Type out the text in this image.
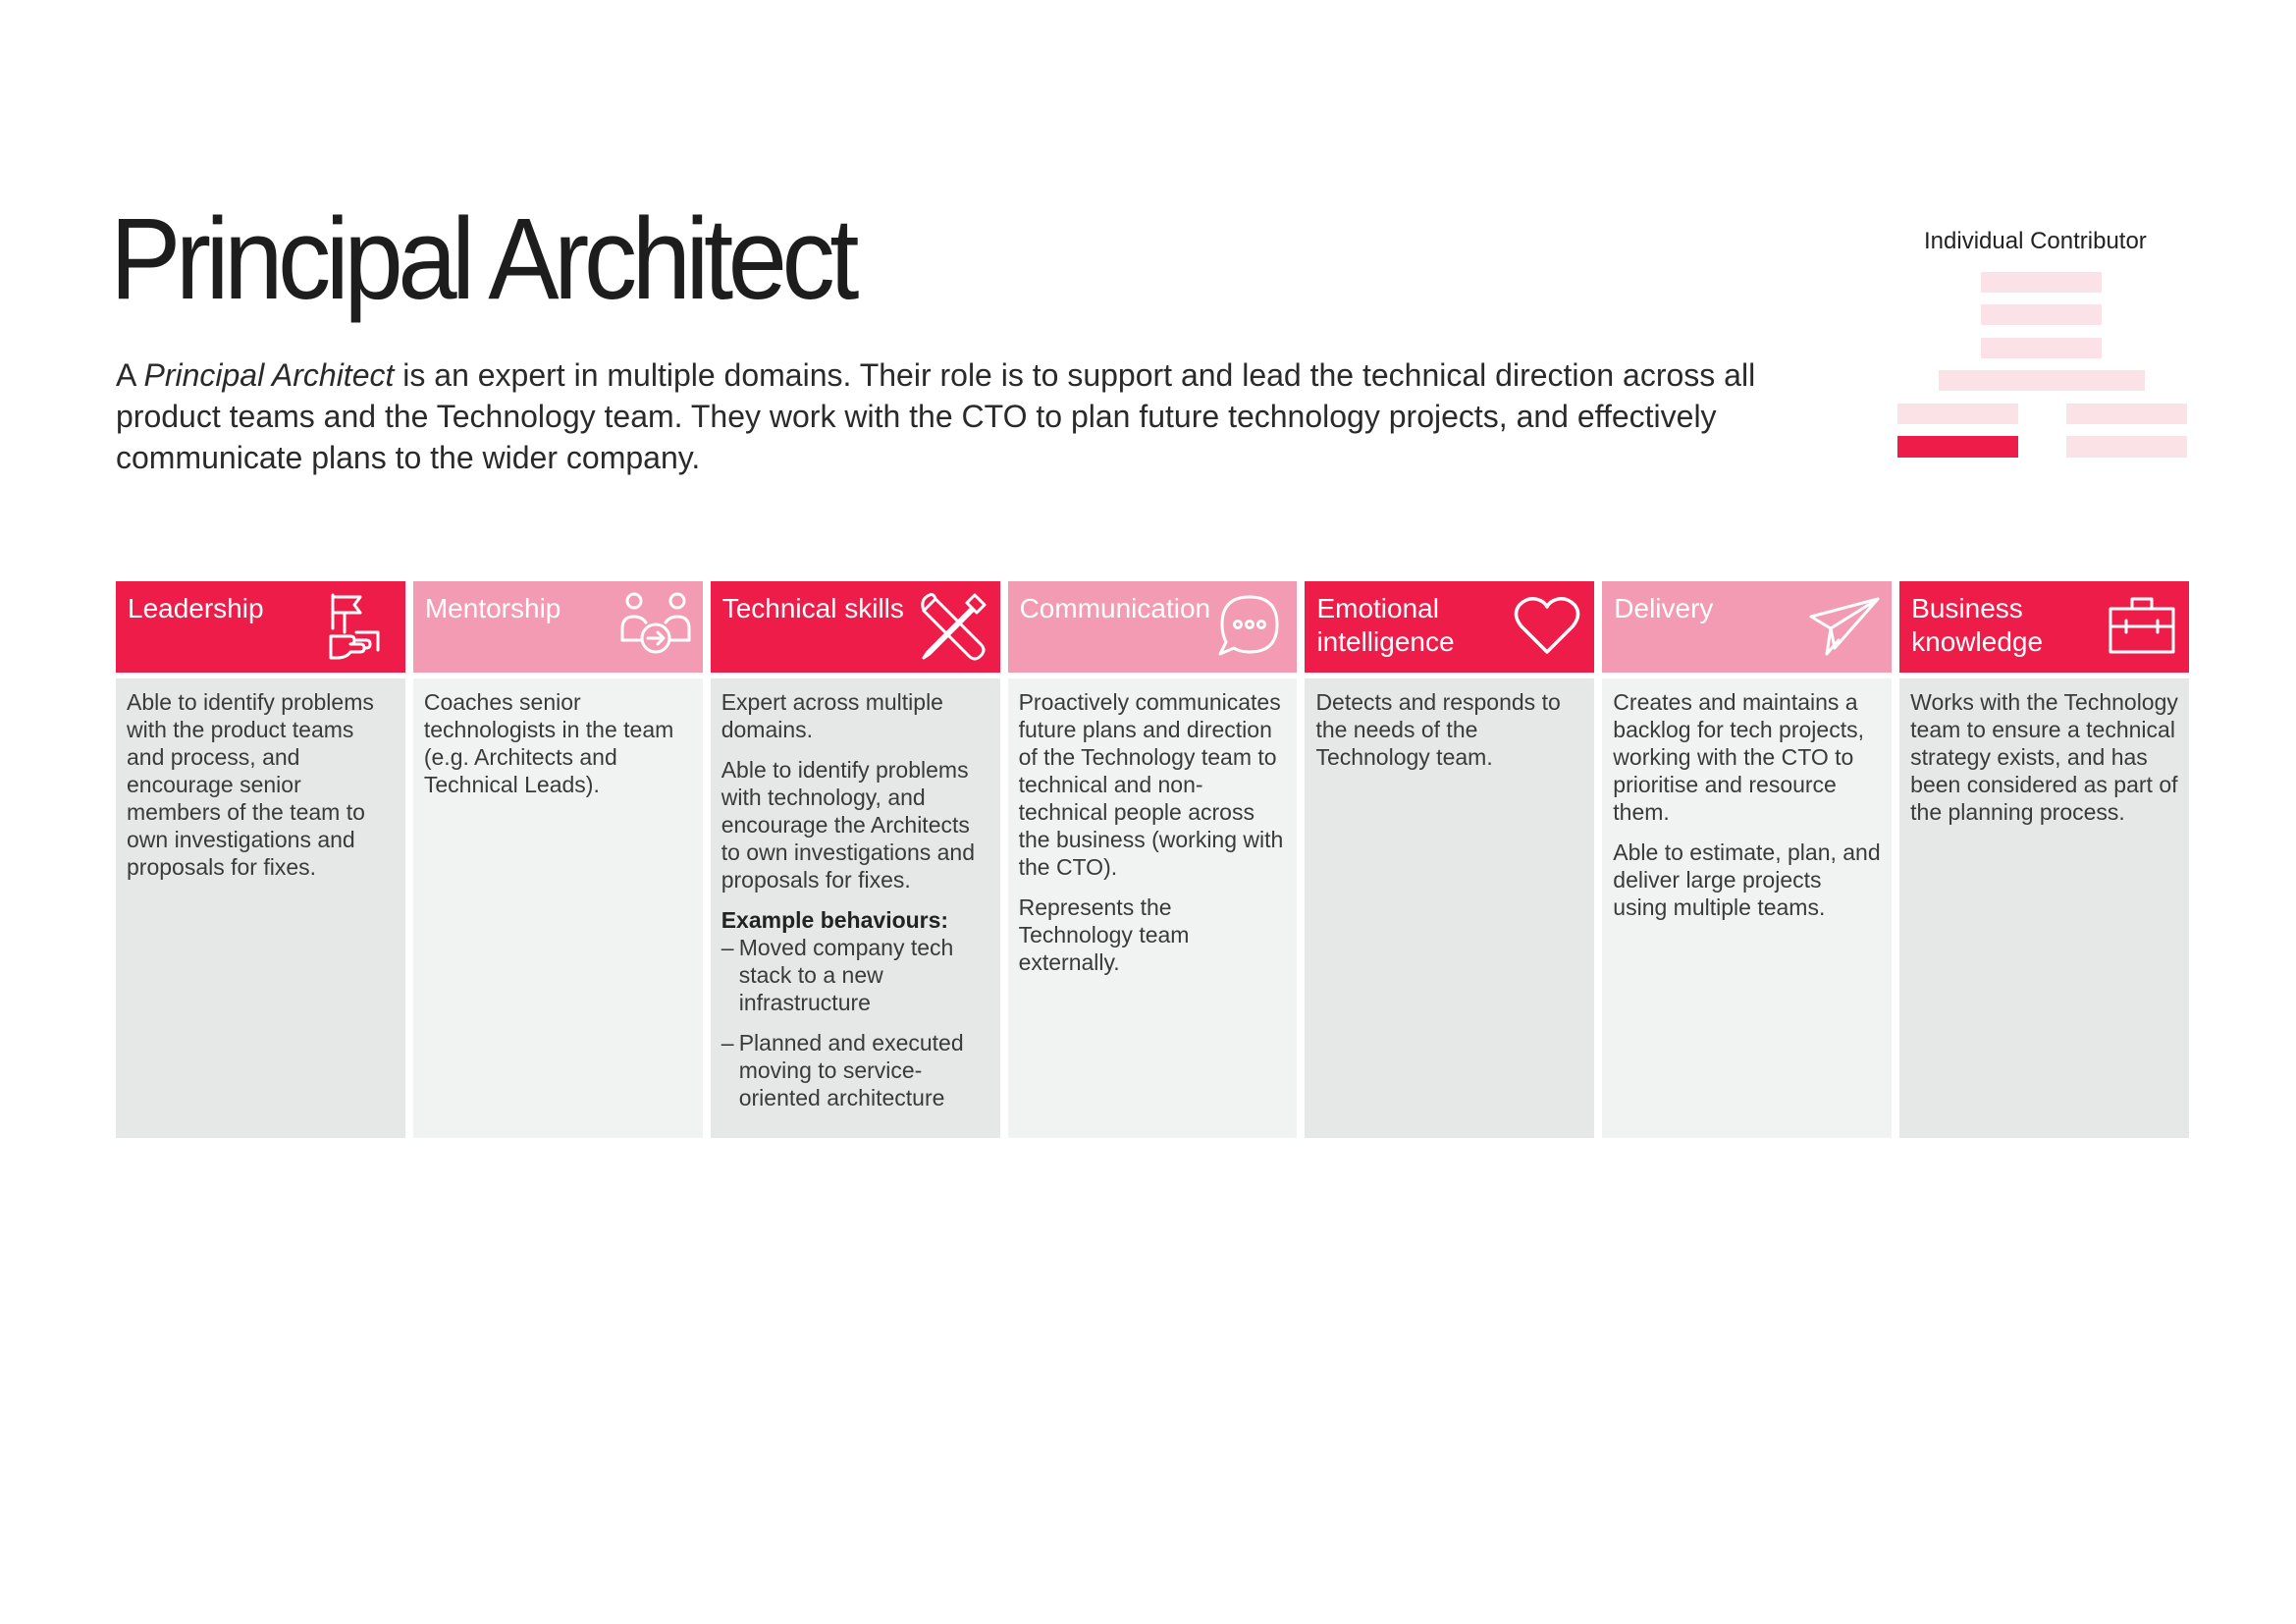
Principal Architect

A Principal Architect is an expert in multiple domains. Their role is to support and lead the technical direction across all product teams and the Technology team. They work with the CTO to plan future technology projects, and effectively communicate plans to the wider company.

Individual Contributor
Leadership

Able to identify problems with the product teams and process, and encourage senior members of the team to own investigations and proposals for fixes.

Mentorship

Coaches senior technologists in the team (e.g. Architects and Technical Leads).

Technical skills

Expert across multiple domains.

Able to identify problems with technology, and encourage the Architects to own investigations and proposals for fixes.

Example behaviours:

– Moved company tech stack to a new infrastructure
– Planned and executed moving to service-oriented architecture
Communication

Proactively communicates future plans and direction of the Technology team to technical and non-technical people across the business (working with the CTO).

Represents the Technology team externally.

Emotional intelligence

Detects and responds to the needs of the Technology team.

Delivery

Creates and maintains a backlog for tech projects, working with the CTO to prioritise and resource them.

Able to estimate, plan, and deliver large projects using multiple teams.

Business knowledge

Works with the Technology team to ensure a technical strategy exists, and has been considered as part of the planning process.
